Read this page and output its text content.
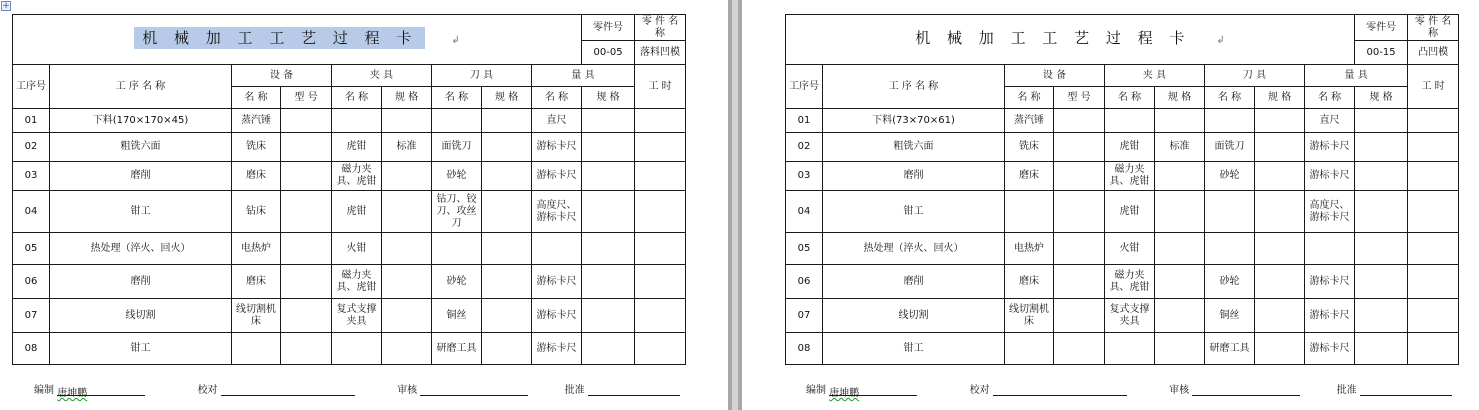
+
机 械 加 工 工 艺 过 程 卡 ↲									零件号	零 件 名 称
									00-05	落料凹模
工序号	工 序 名 称	设 备		夹 具		刀 具		量 具		工 时
		名 称	型 号	名 称	规 格	名 称	规 格	名 称	规 格	
01	下料(170×170×45)	蒸汽锤						直尺		
02	粗铣六面	铣床		虎钳	标准	面铣刀		游标卡尺		
03	磨削	磨床		磁力夹具、虎钳		砂轮		游标卡尺		
04	钳工	钻床		虎钳		钻刀、铰刀、攻丝刀		高度尺、游标卡尺		
05	热处理（淬火、回火）	电热炉		火钳						
06	磨削	磨床		磁力夹具、虎钳		砂轮		游标卡尺		
07	线切割	线切割机床		复式支撑夹具		铜丝		游标卡尺		
08	钳工					研磨工具		游标卡尺		
编制 唐坤鹏	校对	审核	批准
机 械 加 工 工 艺 过 程 卡 ↲									零件号	零 件 名 称
									00-15	凸凹模
工序号	工 序 名 称	设 备		夹 具		刀 具		量 具		工 时
		名 称	型 号	名 称	规 格	名 称	规 格	名 称	规 格	
01	下料(73×70×61)	蒸汽锤						直尺		
02	粗铣六面	铣床		虎钳	标准	面铣刀		游标卡尺		
03	磨削	磨床		磁力夹具、虎钳		砂轮		游标卡尺		
04	钳工			虎钳				高度尺、游标卡尺		
05	热处理（淬火、回火）	电热炉		火钳						
06	磨削	磨床		磁力夹具、虎钳		砂轮		游标卡尺		
07	线切割	线切割机床		复式支撑夹具		铜丝		游标卡尺		
08	钳工					研磨工具		游标卡尺		
编制 唐坤鹏	校对	审核	批准
